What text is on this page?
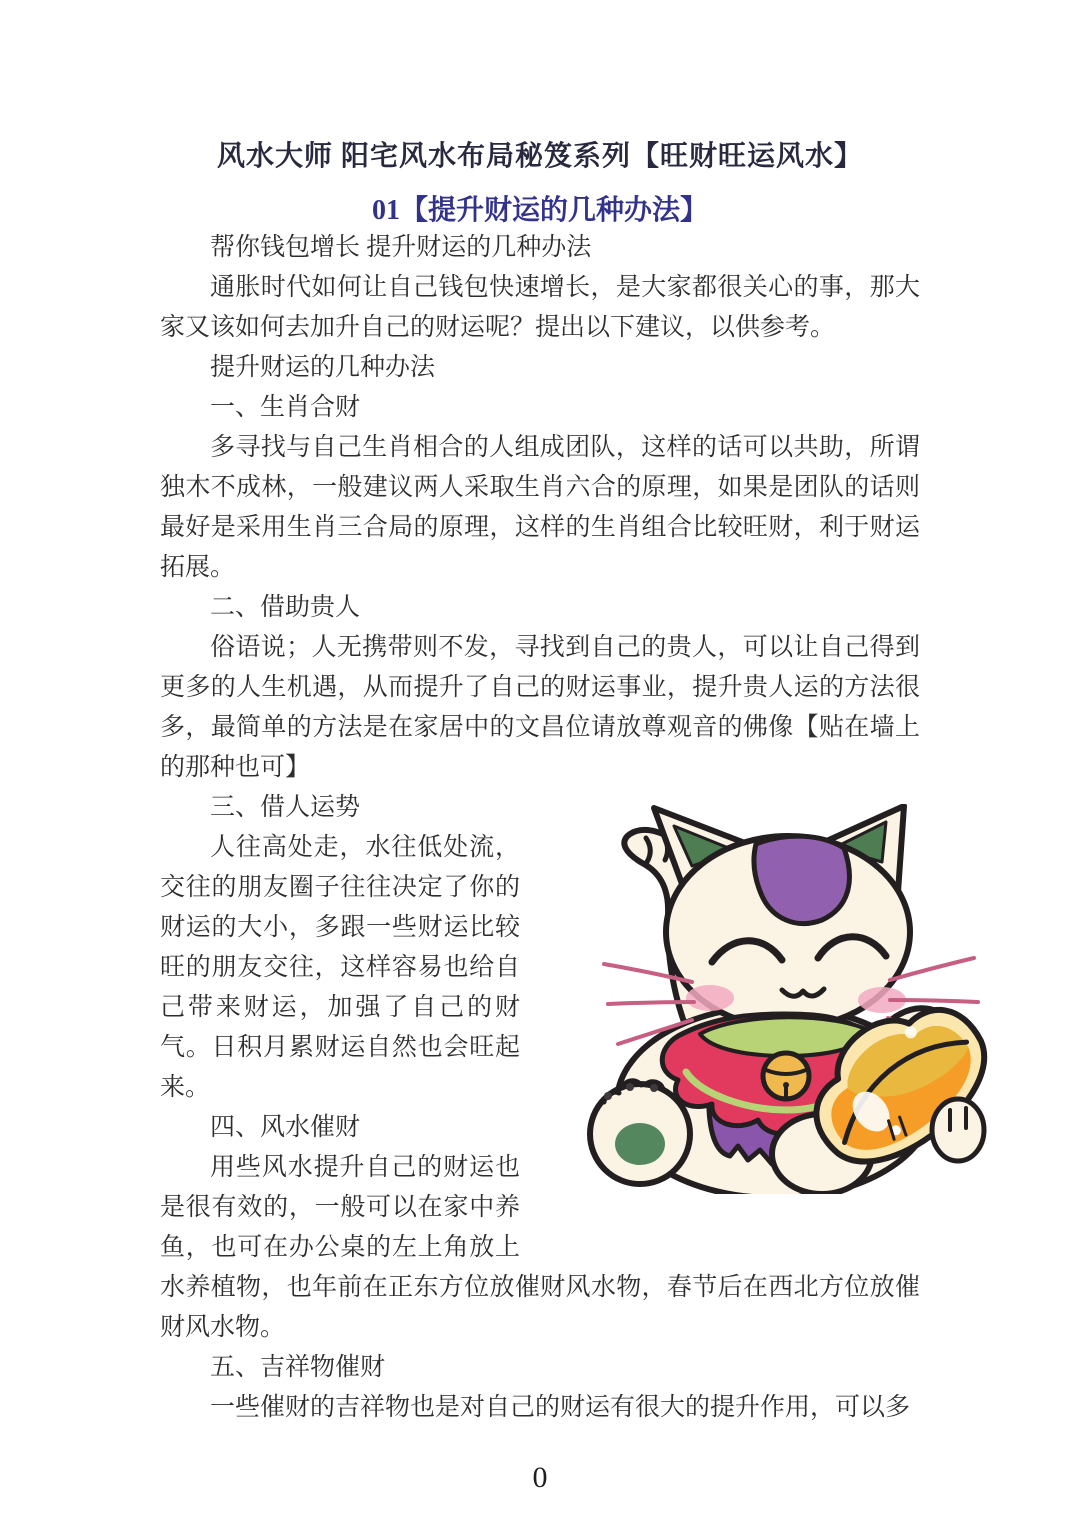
风水大师 阳宅风水布局秘笈系列【旺财旺运风水】
01【提升财运的几种办法】

帮你钱包增长 提升财运的几种办法

通胀时代如何让自己钱包快速增长，是大家都很关心的事，那大家又该如何去加升自己的财运呢？提出以下建议，以供参考。

提升财运的几种办法

一、生肖合财

多寻找与自己生肖相合的人组成团队，这样的话可以共助，所谓独木不成林，一般建议两人采取生肖六合的原理，如果是团队的话则最好是采用生肖三合局的原理，这样的生肖组合比较旺财，利于财运拓展。

二、借助贵人

俗语说；人无携带则不发，寻找到自己的贵人，可以让自己得到更多的人生机遇，从而提升了自己的财运事业，提升贵人运的方法很多，最简单的方法是在家居中的文昌位请放尊观音的佛像【贴在墙上的那种也可】

三、借人运势

人往高处走，水往低处流，交往的朋友圈子往往决定了你的财运的大小，多跟一些财运比较旺的朋友交往，这样容易也给自己带来财运，加强了自己的财气。日积月累财运自然也会旺起来。

四、风水催财

用些风水提升自己的财运也是很有效的，一般可以在家中养鱼，也可在办公桌的左上角放上水养植物，也年前在正东方位放催财风水物，春节后在西北方位放催财风水物。

五、吉祥物催财

一些催财的吉祥物也是对自己的财运有很大的提升作用，可以多

0
